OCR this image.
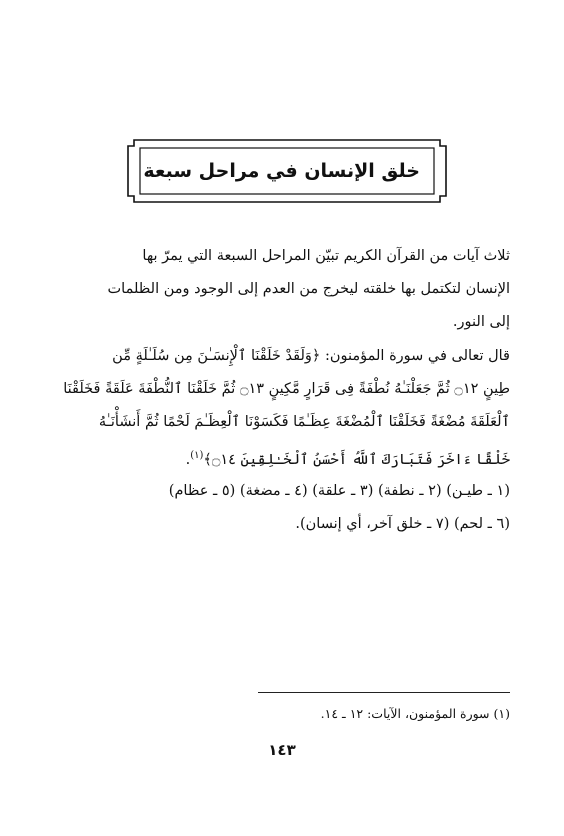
خلق الإنسان في مراحل سبعة
ثلاث آيات من القرآن الكريم تبيّن المراحل السبعة التي يمرّ بها
الإنسان لتكتمل بها خلقته ليخرج من العدم إلى الوجود ومن الظلمات
إلى النور.
قال تعالى في سورة المؤمنون: ﴿وَلَقَدْ خَلَقْنَا ٱلْإِنسَـٰنَ مِن سُلَـٰلَةٍ مِّن
طِينٍ ۝١٢ ثُمَّ جَعَلْنَـٰهُ نُطْفَةً فِى قَرَارٍ مَّكِينٍ ۝١٣ ثُمَّ خَلَقْنَا ٱلنُّطْفَةَ عَلَقَةً فَخَلَقْنَا
ٱلْعَلَقَةَ مُضْغَةً فَخَلَقْنَا ٱلْمُضْغَةَ عِظَـٰمًا فَكَسَوْنَا ٱلْعِظَـٰمَ لَحْمًا ثُمَّ أَنشَأْنَـٰهُ
خَلْقًا ءَاخَرَ فَتَبَارَكَ ٱللَّهُ أَحْسَنُ ٱلْخَـٰلِقِينَ ۝١٤﴾$^{(١)}$.
(١ ـ طيـن) (٢ ـ نطفة) (٣ ـ علقة) (٤ ـ مضغة) (٥ ـ عظام)
(٦ ـ لحم) (٧ ـ خلق آخر، أي إنسان).
(١) سورة المؤمنون، الآيات: ١٢ ـ ١٤.
١٤٣
